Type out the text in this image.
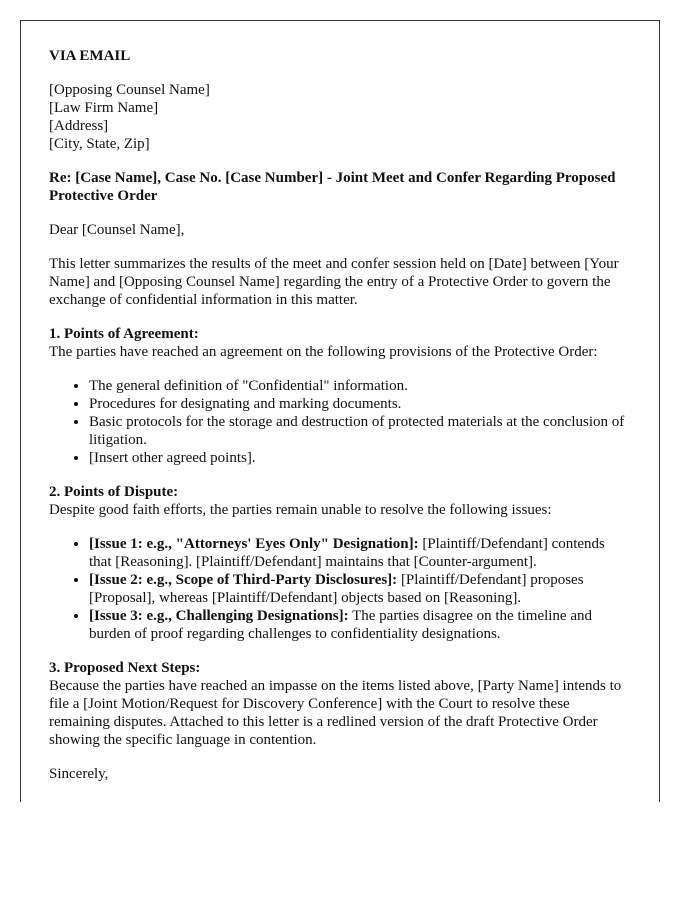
VIA EMAIL

[Opposing Counsel Name]
[Law Firm Name]
[Address]
[City, State, Zip]

Re: [Case Name], Case No. [Case Number] - Joint Meet and Confer Regarding Proposed Protective Order

Dear [Counsel Name],

This letter summarizes the results of the meet and confer session held on [Date] between [Your Name] and [Opposing Counsel Name] regarding the entry of a Protective Order to govern the exchange of confidential information in this matter.

1. Points of Agreement:
The parties have reached an agreement on the following provisions of the Protective Order:

• The general definition of "Confidential" information.
• Procedures for designating and marking documents.
• Basic protocols for the storage and destruction of protected materials at the conclusion of litigation.
• [Insert other agreed points].

2. Points of Dispute:
Despite good faith efforts, the parties remain unable to resolve the following issues:

• [Issue 1: e.g., "Attorneys' Eyes Only" Designation]: [Plaintiff/Defendant] contends that [Reasoning]. [Plaintiff/Defendant] maintains that [Counter-argument].
• [Issue 2: e.g., Scope of Third-Party Disclosures]: [Plaintiff/Defendant] proposes [Proposal], whereas [Plaintiff/Defendant] objects based on [Reasoning].
• [Issue 3: e.g., Challenging Designations]: The parties disagree on the timeline and burden of proof regarding challenges to confidentiality designations.

3. Proposed Next Steps:
Because the parties have reached an impasse on the items listed above, [Party Name] intends to file a [Joint Motion/Request for Discovery Conference] with the Court to resolve these remaining disputes. Attached to this letter is a redlined version of the draft Protective Order showing the specific language in contention.

Sincerely,
